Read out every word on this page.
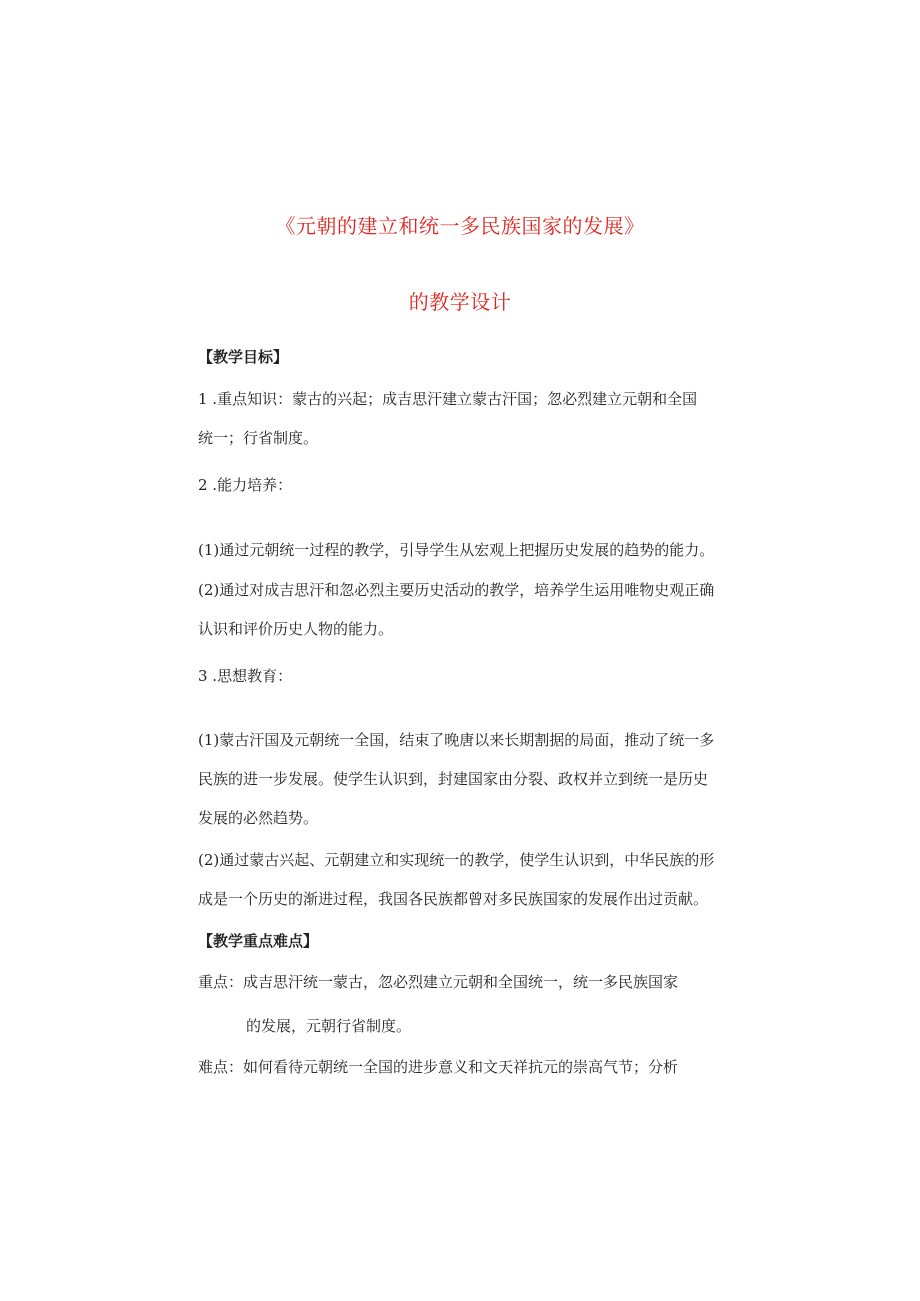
《元朝的建立和统一多民族国家的发展》
的教学设计
【教学目标】
1 .重点知识：蒙古的兴起；成吉思汗建立蒙古汗国；忽必烈建立元朝和全国
统一；行省制度。
2 .能力培养：
(1)通过元朝统一过程的教学，引导学生从宏观上把握历史发展的趋势的能力。
(2)通过对成吉思汗和忽必烈主要历史活动的教学，培养学生运用唯物史观正确
认识和评价历史人物的能力。
3 .思想教育：
(1)蒙古汗国及元朝统一全国，结束了晚唐以来长期割据的局面，推动了统一多
民族的进一步发展。使学生认识到，封建国家由分裂、政权并立到统一是历史
发展的必然趋势。
(2)通过蒙古兴起、元朝建立和实现统一的教学，使学生认识到，中华民族的形
成是一个历史的渐进过程，我国各民族都曾对多民族国家的发展作出过贡献。
【教学重点难点】
重点：成吉思汗统一蒙古，忽必烈建立元朝和全国统一，统一多民族国家
的发展，元朝行省制度。
难点：如何看待元朝统一全国的进步意义和文天祥抗元的崇高气节；分析
